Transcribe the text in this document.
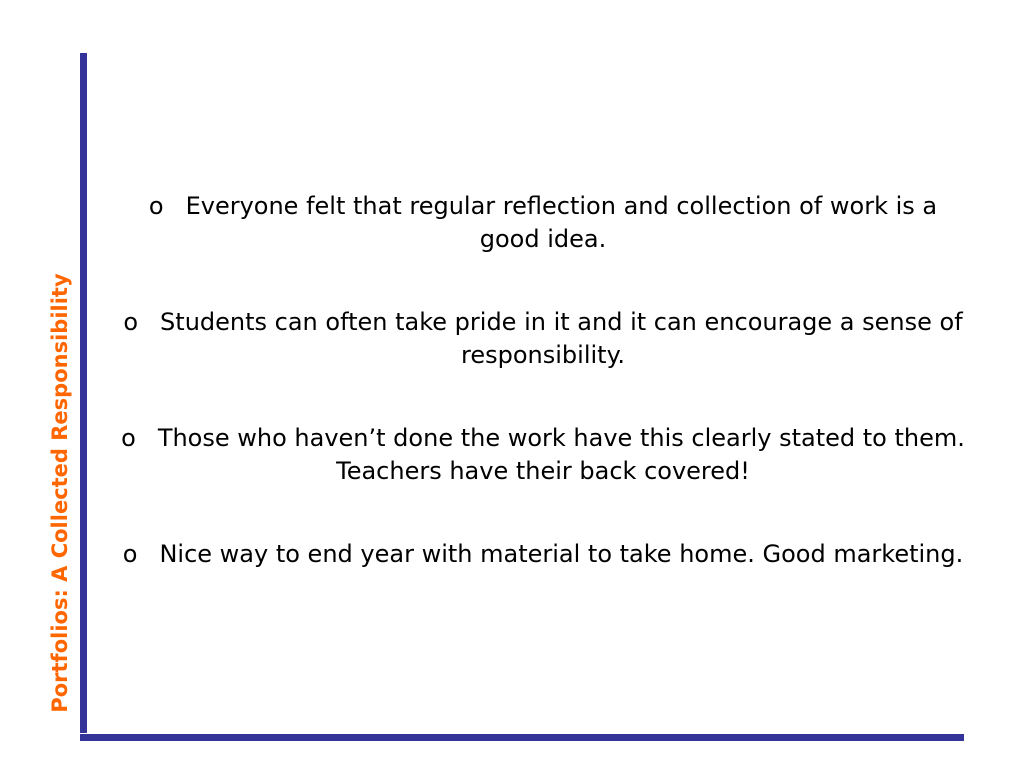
Portfolios: A Collected Responsibility
o Everyone felt that regular reflection and collection of work is a good idea.
o Students can often take pride in it and it can encourage a sense of responsibility.
o Those who haven’t done the work have this clearly stated to them. Teachers have their back covered!
o Nice way to end year with material to take home. Good marketing.
